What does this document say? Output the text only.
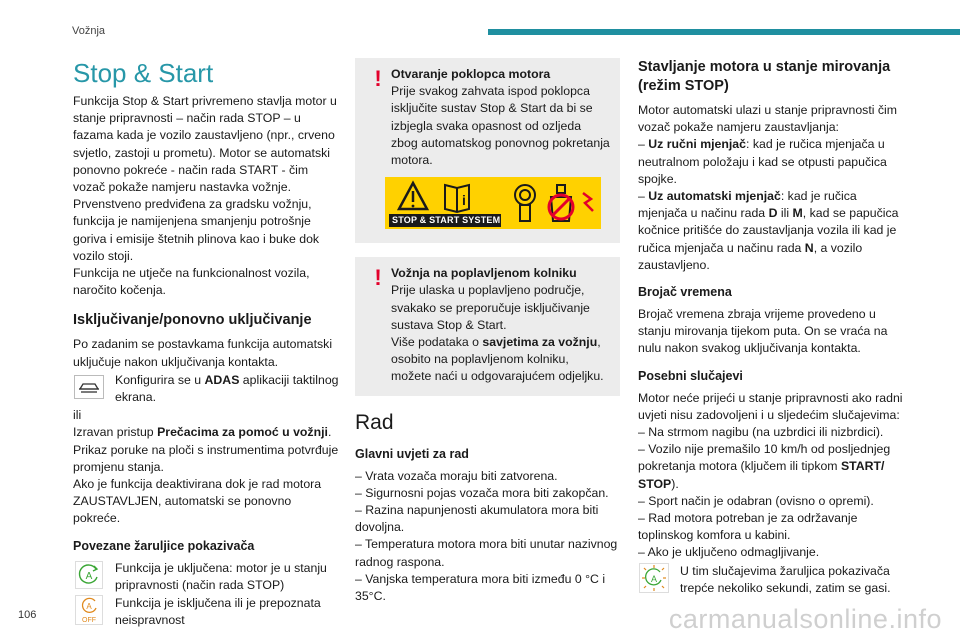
Vožnja
Stop & Start

Funkcija Stop & Start privremeno stavlja motor u stanje pripravnosti – način rada STOP – u fazama kada je vozilo zaustavljeno (npr., crveno svjetlo, zastoji u prometu). Motor se automatski ponovno pokreće - način rada START - čim vozač pokaže namjeru nastavka vožnje.

Prvenstveno predviđena za gradsku vožnju, funkcija je namijenjena smanjenju potrošnje goriva i emisije štetnih plinova kao i buke dok vozilo stoji.

Funkcija ne utječe na funkcionalnost vozila, naročito kočenja.

Isključivanje/ponovno uključivanje

Po zadanim se postavkama funkcija automatski uključuje nakon uključivanja kontakta.

Konfigurira se u ADAS aplikaciji taktilnog ekrana.

ili

Izravan pristup Prečacima za pomoć u vožnji.

Prikaz poruke na ploči s instrumentima potvrđuje promjenu stanja.

Ako je funkcija deaktivirana dok je rad motora ZAUSTAVLJEN, automatski se ponovno pokreće.

Povezane žaruljice pokazivača
A
Funkcija je uključena: motor je u stanju pripravnosti (način rada STOP)
A
OFF
Funkcija je isključena ili je prepoznata neispravnost
! Otvaranje poklopca motora
Prije svakog zahvata ispod poklopca isključite sustav Stop & Start da bi se izbjegla svaka opasnost od ozljeda zbog automatskog ponovnog pokretanja motora.
i
STOP & START SYSTEM
! Vožnja na poplavljenom kolniku
Prije ulaska u poplavljeno područje, svakako se preporučuje isključivanje sustava Stop & Start.
Više podataka o savjetima za vožnju, osobito na poplavljenom kolniku, možete naći u odgovarajućem odjeljku.
Rad
Glavni uvjeti za rad

– Vrata vozača moraju biti zatvorena.

– Sigurnosni pojas vozača mora biti zakopčan.

– Razina napunjenosti akumulatora mora biti dovoljna.

– Temperatura motora mora biti unutar nazivnog radnog raspona.

– Vanjska temperatura mora biti između 0 °C i 35°C.

Stavljanje motora u stanje mirovanja (režim STOP)

Motor automatski ulazi u stanje pripravnosti čim vozač pokaže namjeru zaustavljanja:

– Uz ručni mjenjač: kad je ručica mjenjača u neutralnom položaju i kad se otpusti papučica spojke.

– Uz automatski mjenjač: kad je ručica mjenjača u načinu rada D ili M, kad se papučica kočnice pritišće do zaustavljanja vozila ili kad je ručica mjenjača u načinu rada N, a vozilo zaustavljeno.

Brojač vremena

Brojač vremena zbraja vrijeme provedeno u stanju mirovanja tijekom puta. On se vraća na nulu nakon svakog uključivanja kontakta.

Posebni slučajevi

Motor neće prijeći u stanje pripravnosti ako radni uvjeti nisu zadovoljeni i u sljedećim slučajevima:

– Na strmom nagibu (na uzbrdici ili nizbrdici).

– Vozilo nije premašilo 10 km/h od posljednjeg pokretanja motora (ključem ili tipkom START/ STOP).

– Sport način je odabran (ovisno o opremi).

– Rad motora potreban je za održavanje toplinskog komfora u kabini.

– Ako je uključeno odmagljivanje.

A
U tim slučajevima žaruljica pokazivača trepće nekoliko sekundi, zatim se gasi.
106	carmanualsonline.info
